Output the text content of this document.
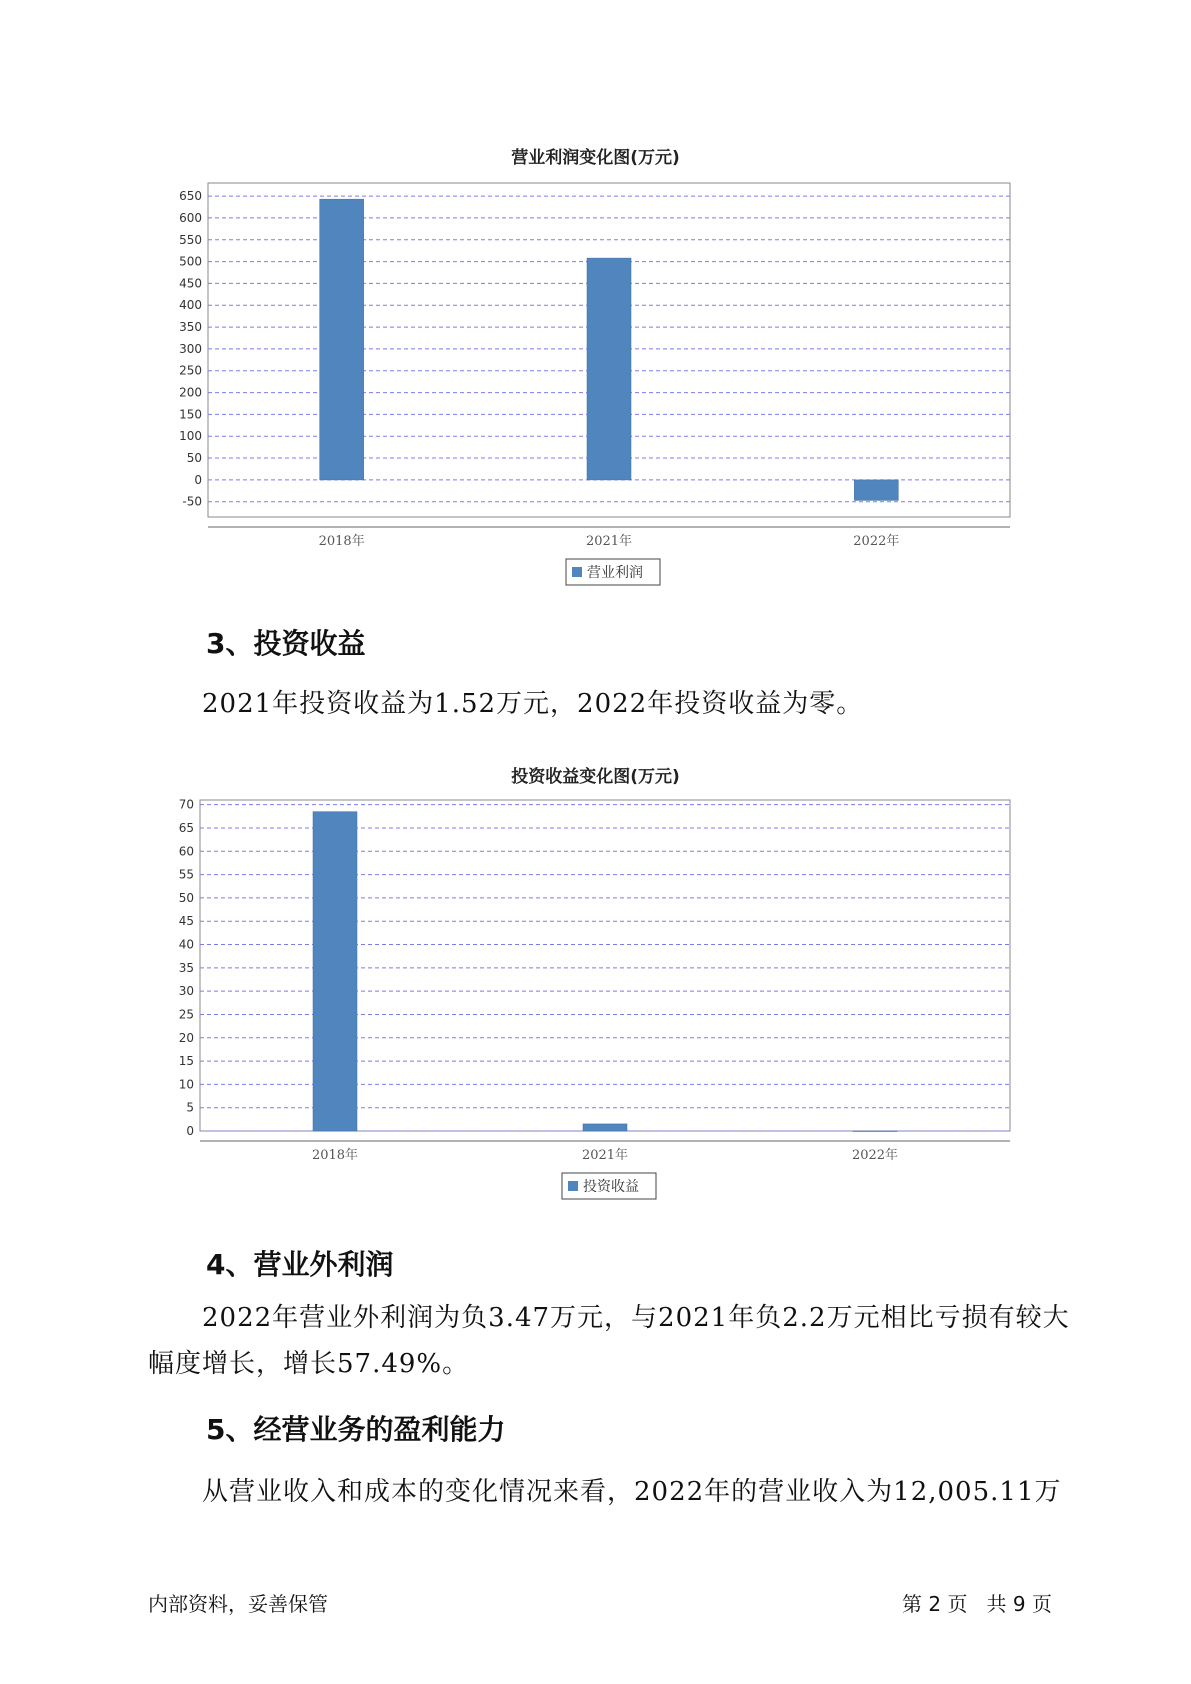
营业利润变化图(万元)
-50
0
50
100
150
200
250
300
350
400
450
500
550
600
650
2018年	2021年	2022年
营业利润
3、投资收益
2021年投资收益为1.52万元，2022年投资收益为零。
投资收益变化图(万元)
0
5
10
15
20
25
30
35
40
45
50
55
60
65
70
2018年	2021年	2022年
投资收益
4、营业外利润
2022年营业外利润为负3.47万元，与2021年负2.2万元相比亏损有较大
幅度增长，增长57.49%。
5、经营业务的盈利能力
从营业收入和成本的变化情况来看，2022年的营业收入为12,005.11万
内部资料，妥善保管	第 2 页   共 9 页
